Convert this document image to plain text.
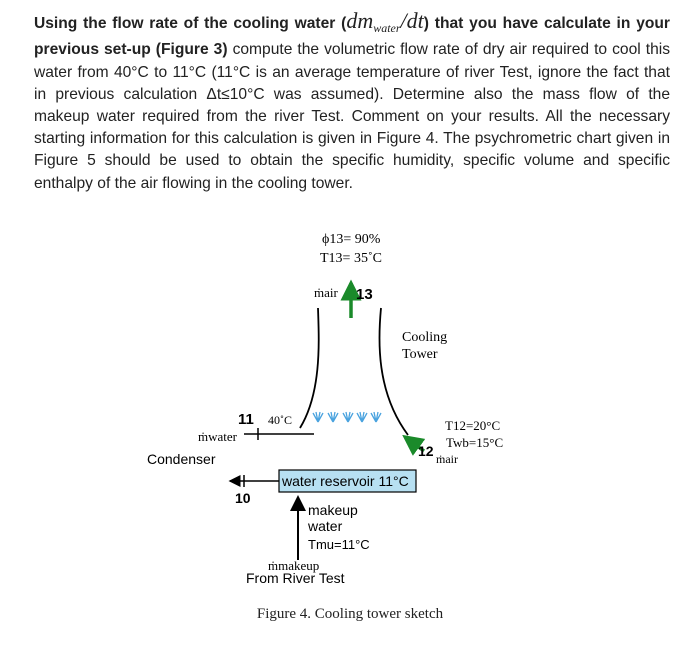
Using the flow rate of the cooling water $(dm_{water}/dt)$ that you have calculate in your previous set-up (Figure 3) compute the volumetric flow rate of dry air required to cool this water from 40°C to 11°C (11°C is an average temperature of river Test, ignore the fact that in previous calculation Δt≤10°C was assumed). Determine also the mass flow of the makeup water required from the river Test. Comment on your results. All the necessary starting information for this calculation is given in Figure 4. The psychrometric chart given in Figure 5 should be used to obtain the specific humidity, specific volume and specific enthalpy of the air flowing in the cooling tower.
ϕ13= 90%
T13= 35˚C
ṁair 13
Cooling
Tower
11 40˚C
ṁwater
Condenser	12 ṁair
T12=20°C
Twb=15°C
water reservoir 11°C
10
makeup
water
Tmu=11°C
ṁmakeup
From River Test
Figure 4. Cooling tower sketch
